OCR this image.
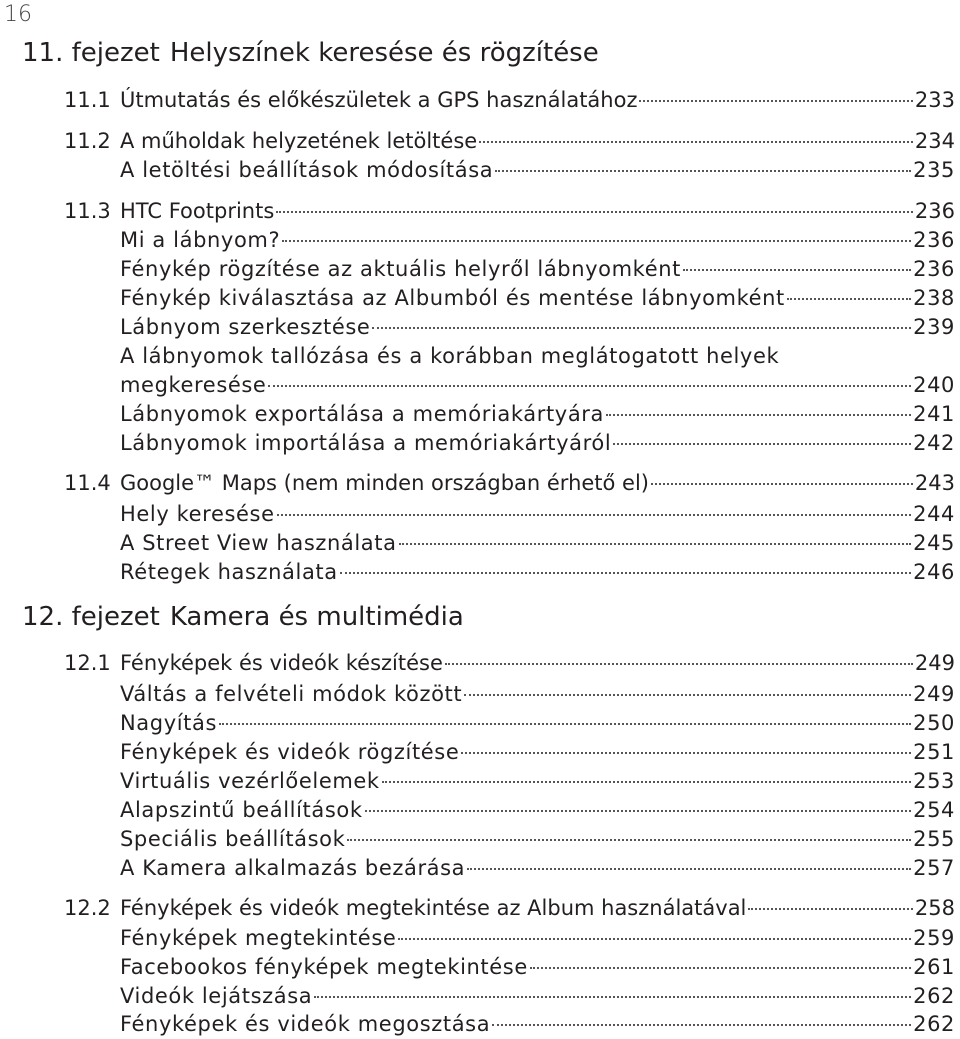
16
11. fejezet Helyszínek keresése és rögzítése
11.1 Útmutatás és előkészületek a GPS használatához	233
11.2 A műholdak helyzetének letöltése	234
A letöltési beállítások módosítása	235
11.3 HTC Footprints	236
Mi a lábnyom?	236
Fénykép rögzítése az aktuális helyről lábnyomként	236
Fénykép kiválasztása az Albumból és mentése lábnyomként	238
Lábnyom szerkesztése	239
A lábnyomok tallózása és a korábban meglátogatott helyek
megkeresése	240
Lábnyomok exportálása a memóriakártyára	241
Lábnyomok importálása a memóriakártyáról	242
11.4 Google™ Maps (nem minden országban érhető el)	243
Hely keresése	244
A Street View használata	245
Rétegek használata	246
12. fejezet Kamera és multimédia
12.1 Fényképek és videók készítése	249
Váltás a felvételi módok között	249
Nagyítás	250
Fényképek és videók rögzítése	251
Virtuális vezérlőelemek	253
Alapszintű beállítások	254
Speciális beállítások	255
A Kamera alkalmazás bezárása	257
12.2 Fényképek és videók megtekintése az Album használatával	258
Fényképek megtekintése	259
Facebookos fényképek megtekintése	261
Videók lejátszása	262
Fényképek és videók megosztása	262
